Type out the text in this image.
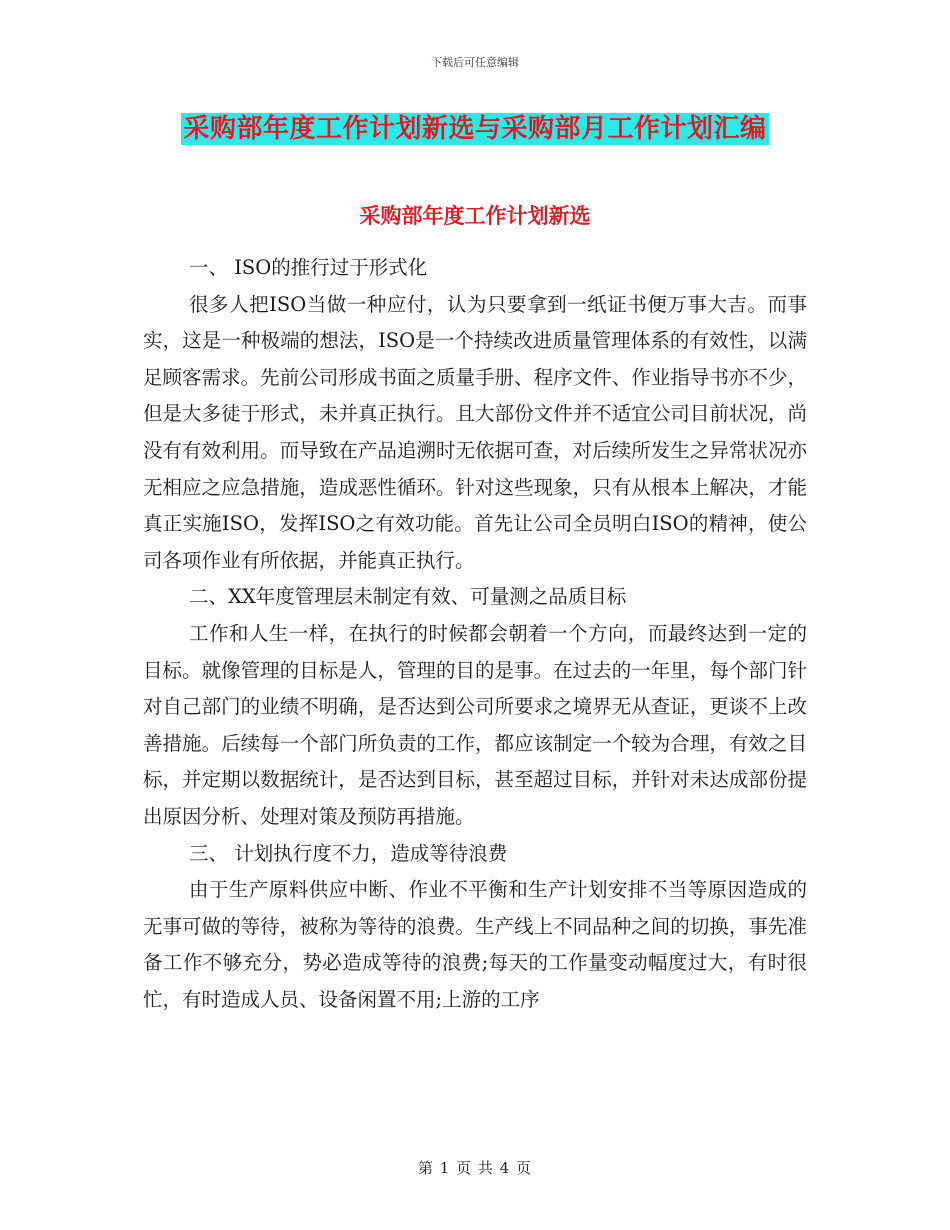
下载后可任意编辑
采购部年度工作计划新选与采购部月工作计划汇编
采购部年度工作计划新选

一、 ISO的推行过于形式化

很多人把ISO当做一种应付，认为只要拿到一纸证书便万事大吉。而事实，这是一种极端的想法，ISO是一个持续改进质量管理体系的有效性，以满足顾客需求。先前公司形成书面之质量手册、程序文件、作业指导书亦不少，但是大多徒于形式，未并真正执行。且大部份文件并不适宜公司目前状况，尚没有有效利用。而导致在产品追溯时无依据可查，对后续所发生之异常状况亦无相应之应急措施，造成恶性循环。针对这些现象，只有从根本上解决，才能真正实施ISO，发挥ISO之有效功能。首先让公司全员明白ISO的精神，使公司各项作业有所依据，并能真正执行。

二、XX年度管理层未制定有效、可量测之品质目标

工作和人生一样，在执行的时候都会朝着一个方向，而最终达到一定的目标。就像管理的目标是人，管理的目的是事。在过去的一年里，每个部门针对自己部门的业绩不明确，是否达到公司所要求之境界无从查证，更谈不上改善措施。后续每一个部门所负责的工作，都应该制定一个较为合理，有效之目标，并定期以数据统计，是否达到目标，甚至超过目标，并针对未达成部份提出原因分析、处理对策及预防再措施。

三、 计划执行度不力，造成等待浪费

由于生产原料供应中断、作业不平衡和生产计划安排不当等原因造成的无事可做的等待，被称为等待的浪费。生产线上不同品种之间的切换，事先准备工作不够充分，势必造成等待的浪费;每天的工作量变动幅度过大，有时很忙，有时造成人员、设备闲置不用;上游的工序

第 1 页 共 4 页
